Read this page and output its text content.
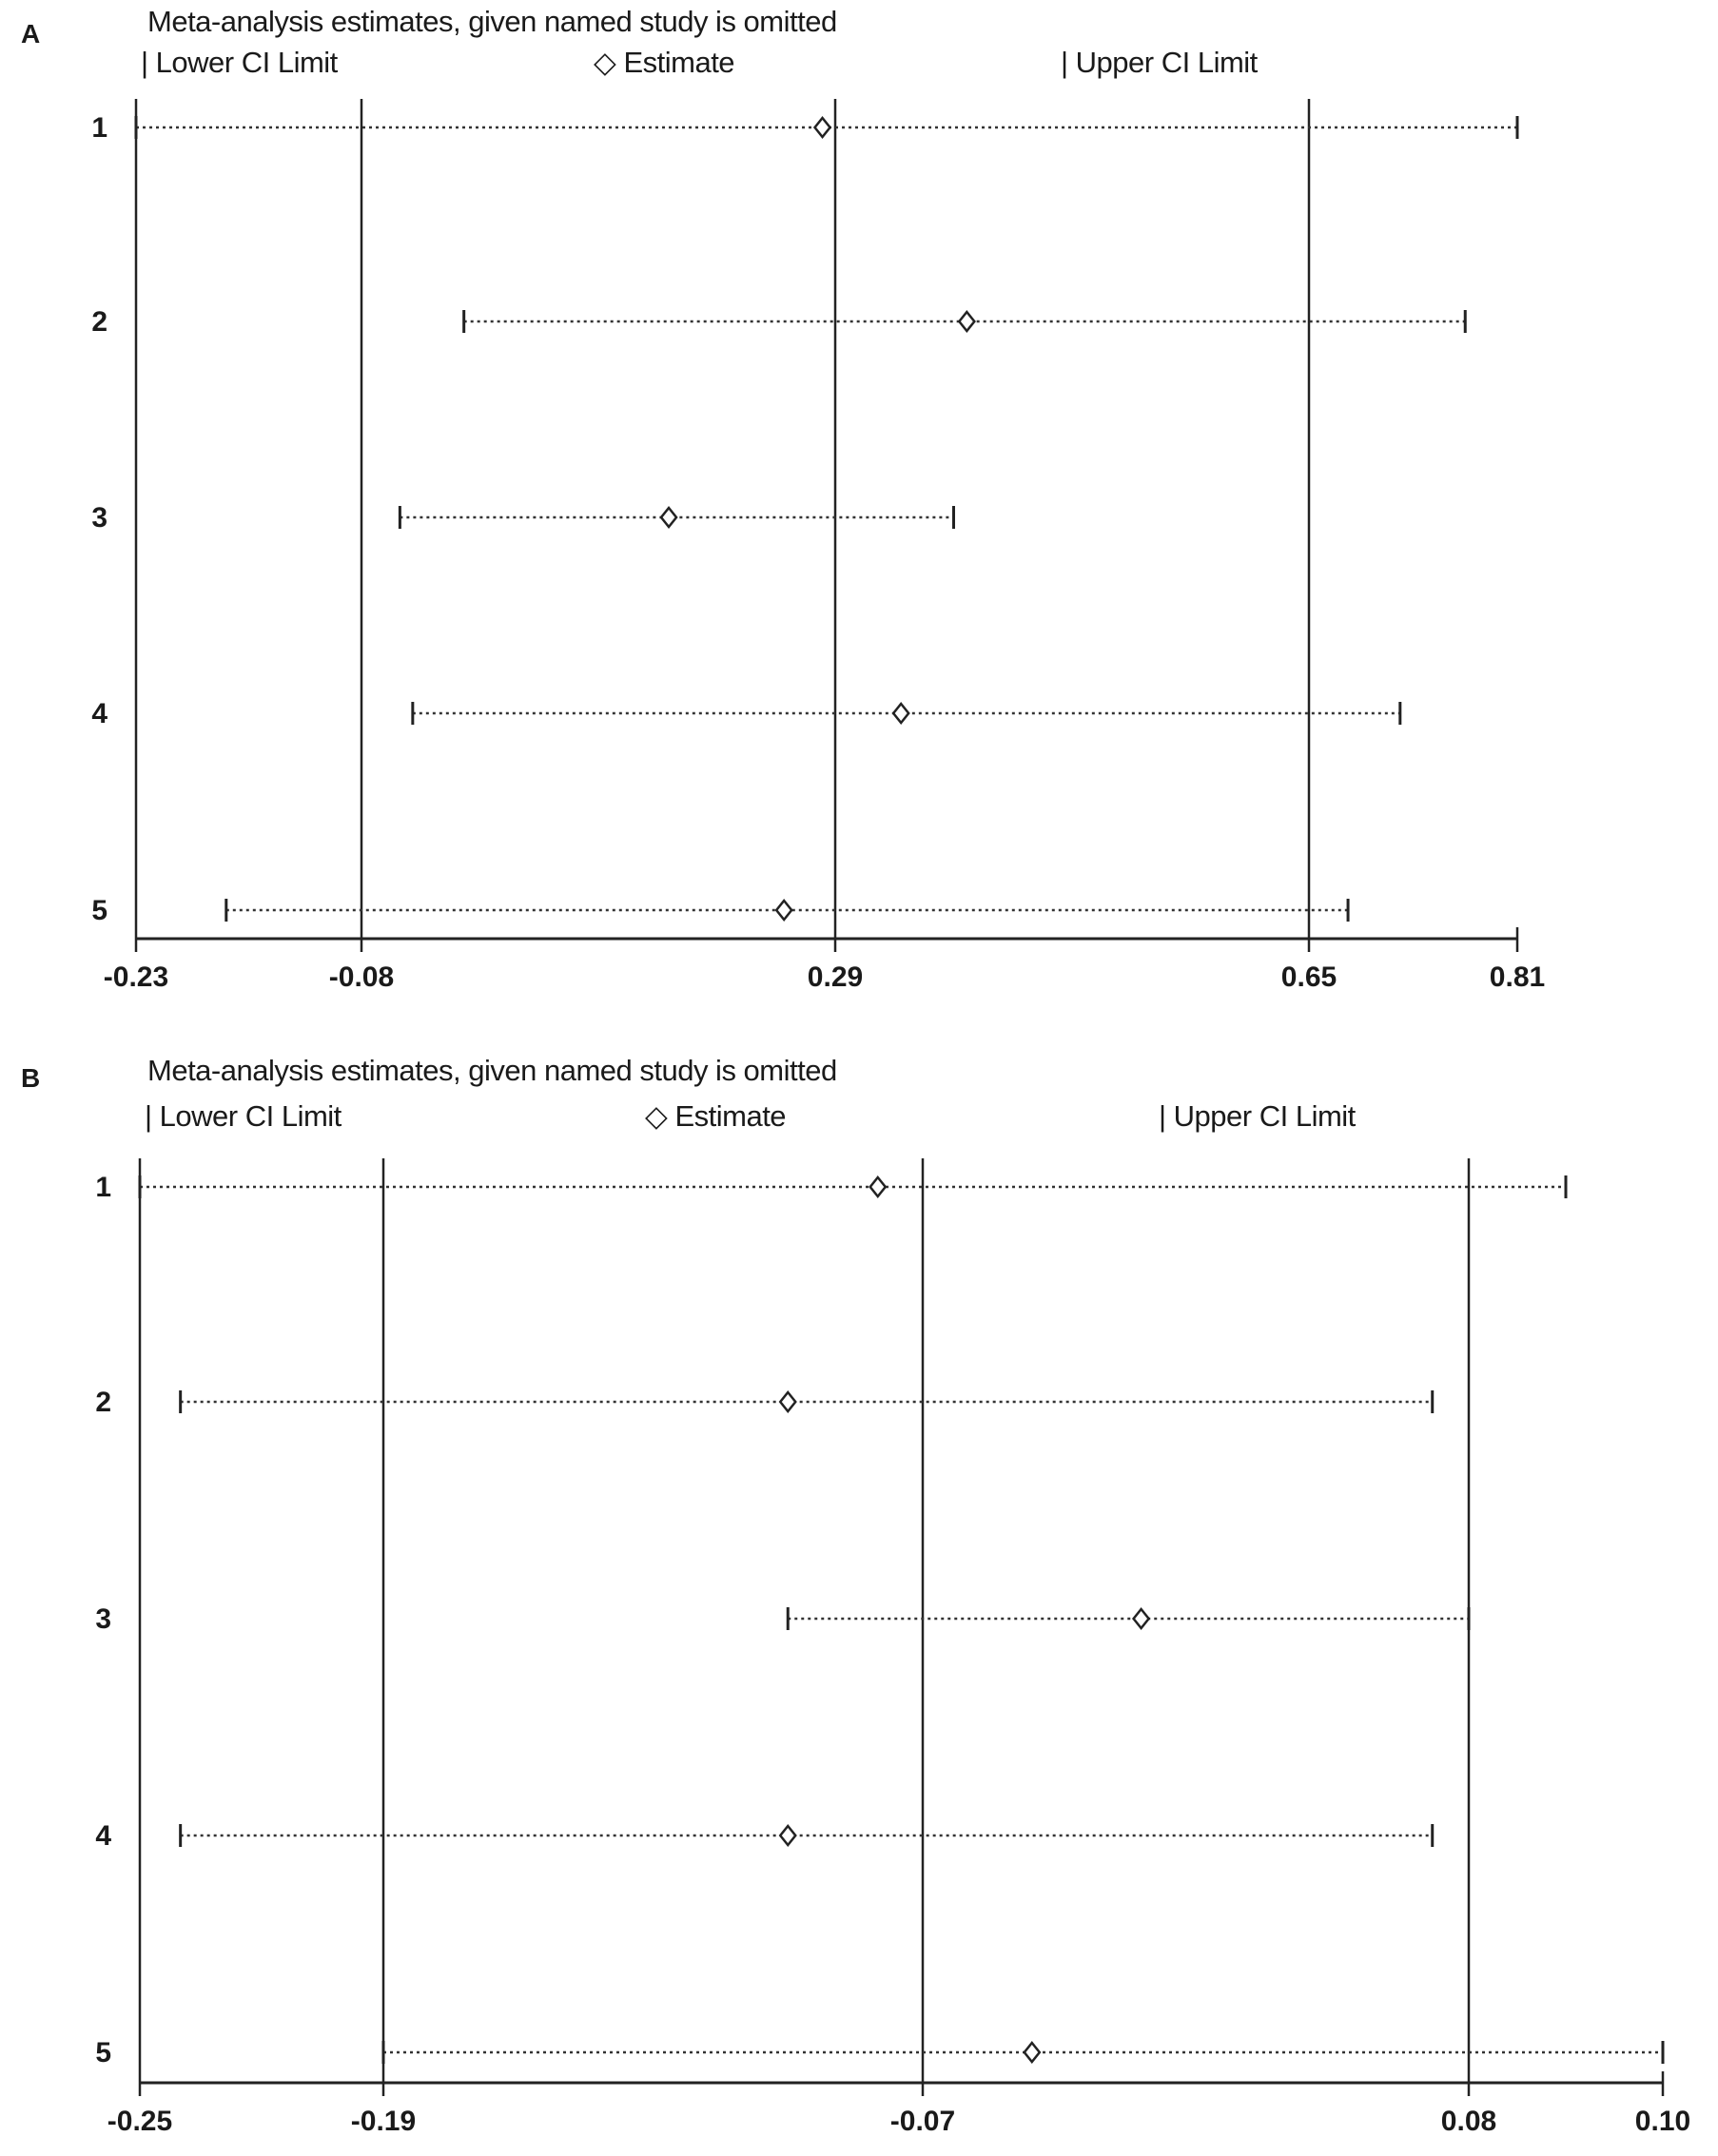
A	Meta-analysis estimates, given named study is omitted
| Lower CI Limit	◇ Estimate	| Upper CI Limit
B	Meta-analysis estimates, given named study is omitted
| Lower CI Limit	◇ Estimate	| Upper CI Limit
-0.23	-0.08	0.29	0.65	0.81
1
2
3
4
5
-0.25	-0.19	-0.07	0.08	0.10
1
2
3
4
5
